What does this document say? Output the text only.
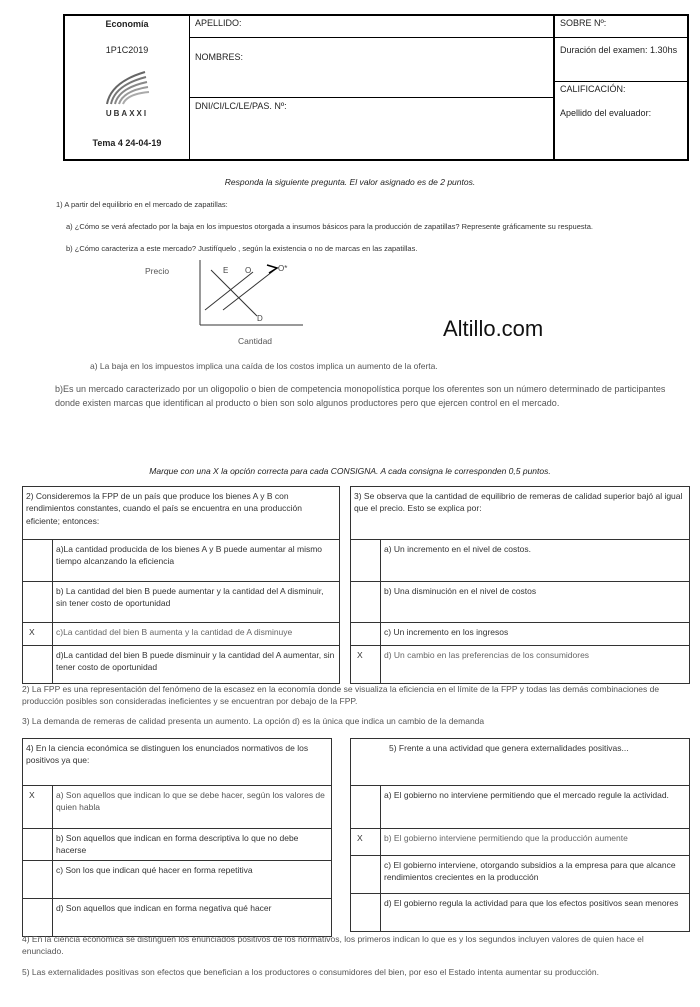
Economía
1P1C2019
UBAXXI
Tema 4 24-04-19
APELLIDO:
NOMBRES:
DNI/CI/LC/LE/PAS. Nº:
SOBRE Nº:
Duración del examen: 1.30hs
CALIFICACIÓN:
Apellido del evaluador:
Responda la siguiente pregunta. El valor asignado es de 2 puntos.
1) A partir del equilibrio en el mercado de zapatillas:
a) ¿Cómo se verá afectado por la baja en los impuestos otorgada a insumos básicos para la producción de zapatillas? Represente gráficamente su respuesta.
b) ¿Cómo caracteriza a este mercado? Justifíquelo , según la existencia o no de marcas en las zapatillas.
Precio	E O	O*
D
Cantidad	Altillo.com
a) La baja en los impuestos implica una caída de los costos implica un aumento de la oferta.
b)Es un mercado caracterizado por un oligopolio o bien de competencia monopolística porque los oferentes son un número determinado de participantes donde existen marcas que identifican al producto o bien son solo algunos productores pero que ejercen control en el mercado.
Marque con una X la opción correcta para cada CONSIGNA. A cada consigna le corresponden 0,5 puntos.
2) Consideremos la FPP de un país que produce los bienes A y B con rendimientos constantes, cuando el país se encuentra en una producción eficiente; entonces:	
	a)La cantidad producida de los bienes A y B puede aumentar al mismo tiempo alcanzando la eficiencia
	b) La cantidad del bien B puede aumentar y la cantidad del A disminuir, sin tener costo de oportunidad
X	c)La cantidad del bien B aumenta y la cantidad de A disminuye
	d)La cantidad del bien B puede disminuir y la cantidad del A aumentar, sin tener costo de oportunidad
3) Se observa que la cantidad de equilibrio de remeras de calidad superior bajó al igual que el precio. Esto se explica por:	
	a) Un incremento en el nivel de costos.
	b) Una disminución en el nivel de costos
	c) Un incremento en los ingresos
X	d) Un cambio en las preferencias de los consumidores
2) La FPP es una representación del fenómeno de la escasez en la economía donde se visualiza la eficiencia en el límite de la FPP y todas las demás combinaciones de producción posibles son consideradas ineficientes y se encuentran por debajo de la FPP.
3) La demanda de remeras de calidad presenta un aumento. La opción d) es la única que indica un cambio de la demanda
4) En la ciencia económica se distinguen los enunciados normativos de los positivos ya que:	
X	a) Son aquellos que indican lo que se debe hacer, según los valores de quien habla
	b) Son aquellos que indican en forma descriptiva lo que no debe hacerse
	c) Son los que indican qué hacer en forma repetitiva
	d) Son aquellos que indican en forma negativa qué hacer
5) Frente a una actividad que genera externalidades positivas...	
	a) El gobierno no interviene permitiendo que el mercado regule la actividad.
X	b) El gobierno interviene permitiendo que la producción aumente
	c) El gobierno interviene, otorgando subsidios a la empresa para que alcance rendimientos crecientes en la producción
	d) El gobierno regula la actividad para que los efectos positivos sean menores
4) En la ciencia económica se distinguen los enunciados positivos de los normativos, los primeros indican lo que es y los segundos incluyen valores de quien hace el enunciado.
5) Las externalidades positivas son efectos que benefician a los productores o consumidores del bien, por eso el Estado intenta aumentar su producción.
